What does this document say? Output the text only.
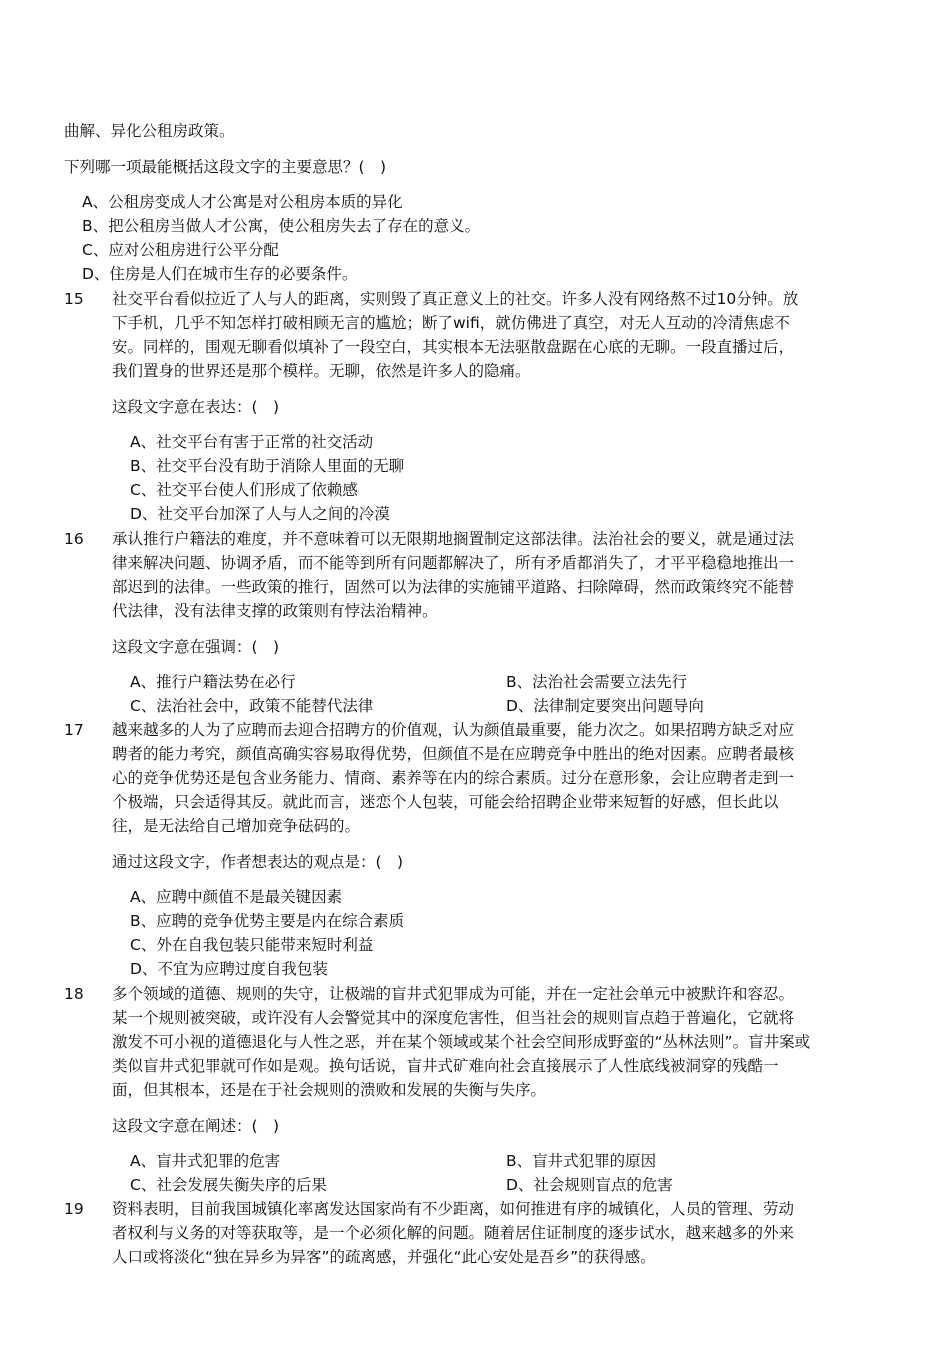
曲解、异化公租房政策。
下列哪一项最能概括这段文字的主要意思？(　)
A、公租房变成人才公寓是对公租房本质的异化
B、把公租房当做人才公寓，使公租房失去了存在的意义。
C、应对公租房进行公平分配
D、住房是人们在城市生存的必要条件。
15 社交平台看似拉近了人与人的距离，实则毁了真正意义上的社交。许多人没有网络熬不过10分钟。放
下手机，几乎不知怎样打破相顾无言的尴尬；断了wifi，就仿佛进了真空，对无人互动的冷清焦虑不
安。同样的，围观无聊看似填补了一段空白，其实根本无法驱散盘踞在心底的无聊。一段直播过后，
我们置身的世界还是那个模样。无聊，依然是许多人的隐痛。
这段文字意在表达：(　)
A、社交平台有害于正常的社交活动
B、社交平台没有助于消除人里面的无聊
C、社交平台使人们形成了依赖感
D、社交平台加深了人与人之间的冷漠
16 承认推行户籍法的难度，并不意味着可以无限期地搁置制定这部法律。法治社会的要义，就是通过法
律来解决问题、协调矛盾，而不能等到所有问题都解决了，所有矛盾都消失了，才平平稳稳地推出一
部迟到的法律。一些政策的推行，固然可以为法律的实施铺平道路、扫除障碍，然而政策终究不能替
代法律，没有法律支撑的政策则有悖法治精神。
这段文字意在强调：(　)
A、推行户籍法势在必行	B、法治社会需要立法先行
C、法治社会中，政策不能替代法律	D、法律制定要突出问题导向
17 越来越多的人为了应聘而去迎合招聘方的价值观，认为颜值最重要，能力次之。如果招聘方缺乏对应
聘者的能力考究，颜值高确实容易取得优势，但颜值不是在应聘竞争中胜出的绝对因素。应聘者最核
心的竞争优势还是包含业务能力、情商、素养等在内的综合素质。过分在意形象，会让应聘者走到一
个极端，只会适得其反。就此而言，迷恋个人包装，可能会给招聘企业带来短暂的好感，但长此以
往，是无法给自己增加竞争砝码的。
通过这段文字，作者想表达的观点是：(　)
A、应聘中颜值不是最关键因素
B、应聘的竞争优势主要是内在综合素质
C、外在自我包装只能带来短时利益
D、不宜为应聘过度自我包装
18 多个领域的道德、规则的失守，让极端的盲井式犯罪成为可能，并在一定社会单元中被默许和容忍。
某一个规则被突破，或许没有人会警觉其中的深度危害性，但当社会的规则盲点趋于普遍化，它就将
激发不可小视的道德退化与人性之恶，并在某个领域或某个社会空间形成野蛮的“丛林法则”。盲井案或
类似盲井式犯罪就可作如是观。换句话说，盲井式矿难向社会直接展示了人性底线被洞穿的残酷一
面，但其根本，还是在于社会规则的溃败和发展的失衡与失序。
这段文字意在阐述：(　)
A、盲井式犯罪的危害	B、盲井式犯罪的原因
C、社会发展失衡失序的后果	D、社会规则盲点的危害
19 资料表明，目前我国城镇化率离发达国家尚有不少距离，如何推进有序的城镇化，人员的管理、劳动
者权利与义务的对等获取等，是一个必须化解的问题。随着居住证制度的逐步试水，越来越多的外来
人口或将淡化“独在异乡为异客”的疏离感，并强化“此心安处是吾乡”的获得感。
